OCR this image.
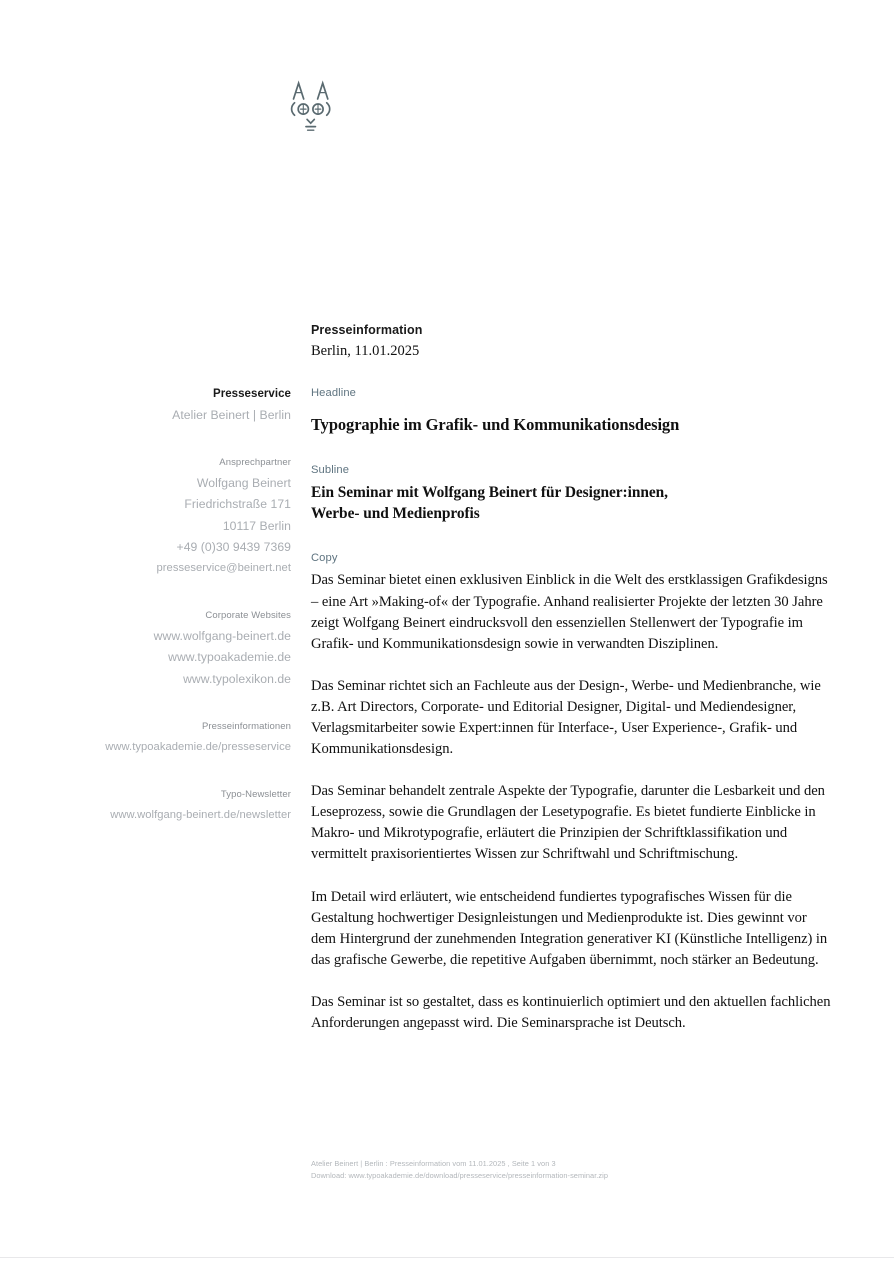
Presseinformation
Berlin, 11.01.2025
Presseservice
Atelier Beinert | Berlin
Ansprechpartner
Wolfgang Beinert
Friedrichstraße 171
10117 Berlin
+49 (0)30 9439 7369
presseservice@beinert.net
Corporate Websites
www.wolfgang-beinert.de
www.typoakademie.de
www.typolexikon.de
Presseinformationen
www.typoakademie.de/presseservice
Typo-Newsletter
www.wolfgang-beinert.de/newsletter
Headline
Typographie im Grafik- und Kommunikationsdesign
Subline
Ein Seminar mit Wolfgang Beinert für Designer:innen,
Werbe- und Medienprofis
Copy

Das Seminar bietet einen exklusiven Einblick in die Welt des erstklassigen Grafikdesigns – eine Art »Making-of« der Typografie. Anhand realisierter Projekte der letzten 30 Jahre zeigt Wolfgang Beinert eindrucksvoll den essenziellen Stellenwert der Typografie im Grafik- und Kommunikationsdesign sowie in verwandten Disziplinen.

Das Seminar richtet sich an Fachleute aus der Design-, Werbe- und Medienbranche, wie z.B. Art Directors, Corporate- und Editorial Designer, Digital- und Mediendesigner, Verlagsmitarbeiter sowie Expert:innen für Interface-, User Experience-, Grafik- und Kommunikationsdesign.

Das Seminar behandelt zentrale Aspekte der Typografie, darunter die Lesbarkeit und den Leseprozess, sowie die Grundlagen der Lesetypografie. Es bietet fundierte Einblicke in Makro- und Mikrotypografie, erläutert die Prinzipien der Schriftklassifikation und vermittelt praxisorientiertes Wissen zur Schriftwahl und Schriftmischung.

Im Detail wird erläutert, wie entscheidend fundiertes typografisches Wissen für die Gestaltung hochwertiger Designleistungen und Medienprodukte ist. Dies gewinnt vor dem Hintergrund der zunehmenden Integration generativer KI (Künstliche Intelligenz) in das grafische Gewerbe, die repetitive Aufgaben übernimmt, noch stärker an Bedeutung.

Das Seminar ist so gestaltet, dass es kontinuierlich optimiert und den aktuellen fachlichen Anforderungen angepasst wird. Die Seminarsprache ist Deutsch.

Atelier Beinert | Berlin : Presseinformation vom 11.01.2025 , Seite 1 von 3
Download: www.typoakademie.de/download/presseservice/presseinformation-seminar.zip
